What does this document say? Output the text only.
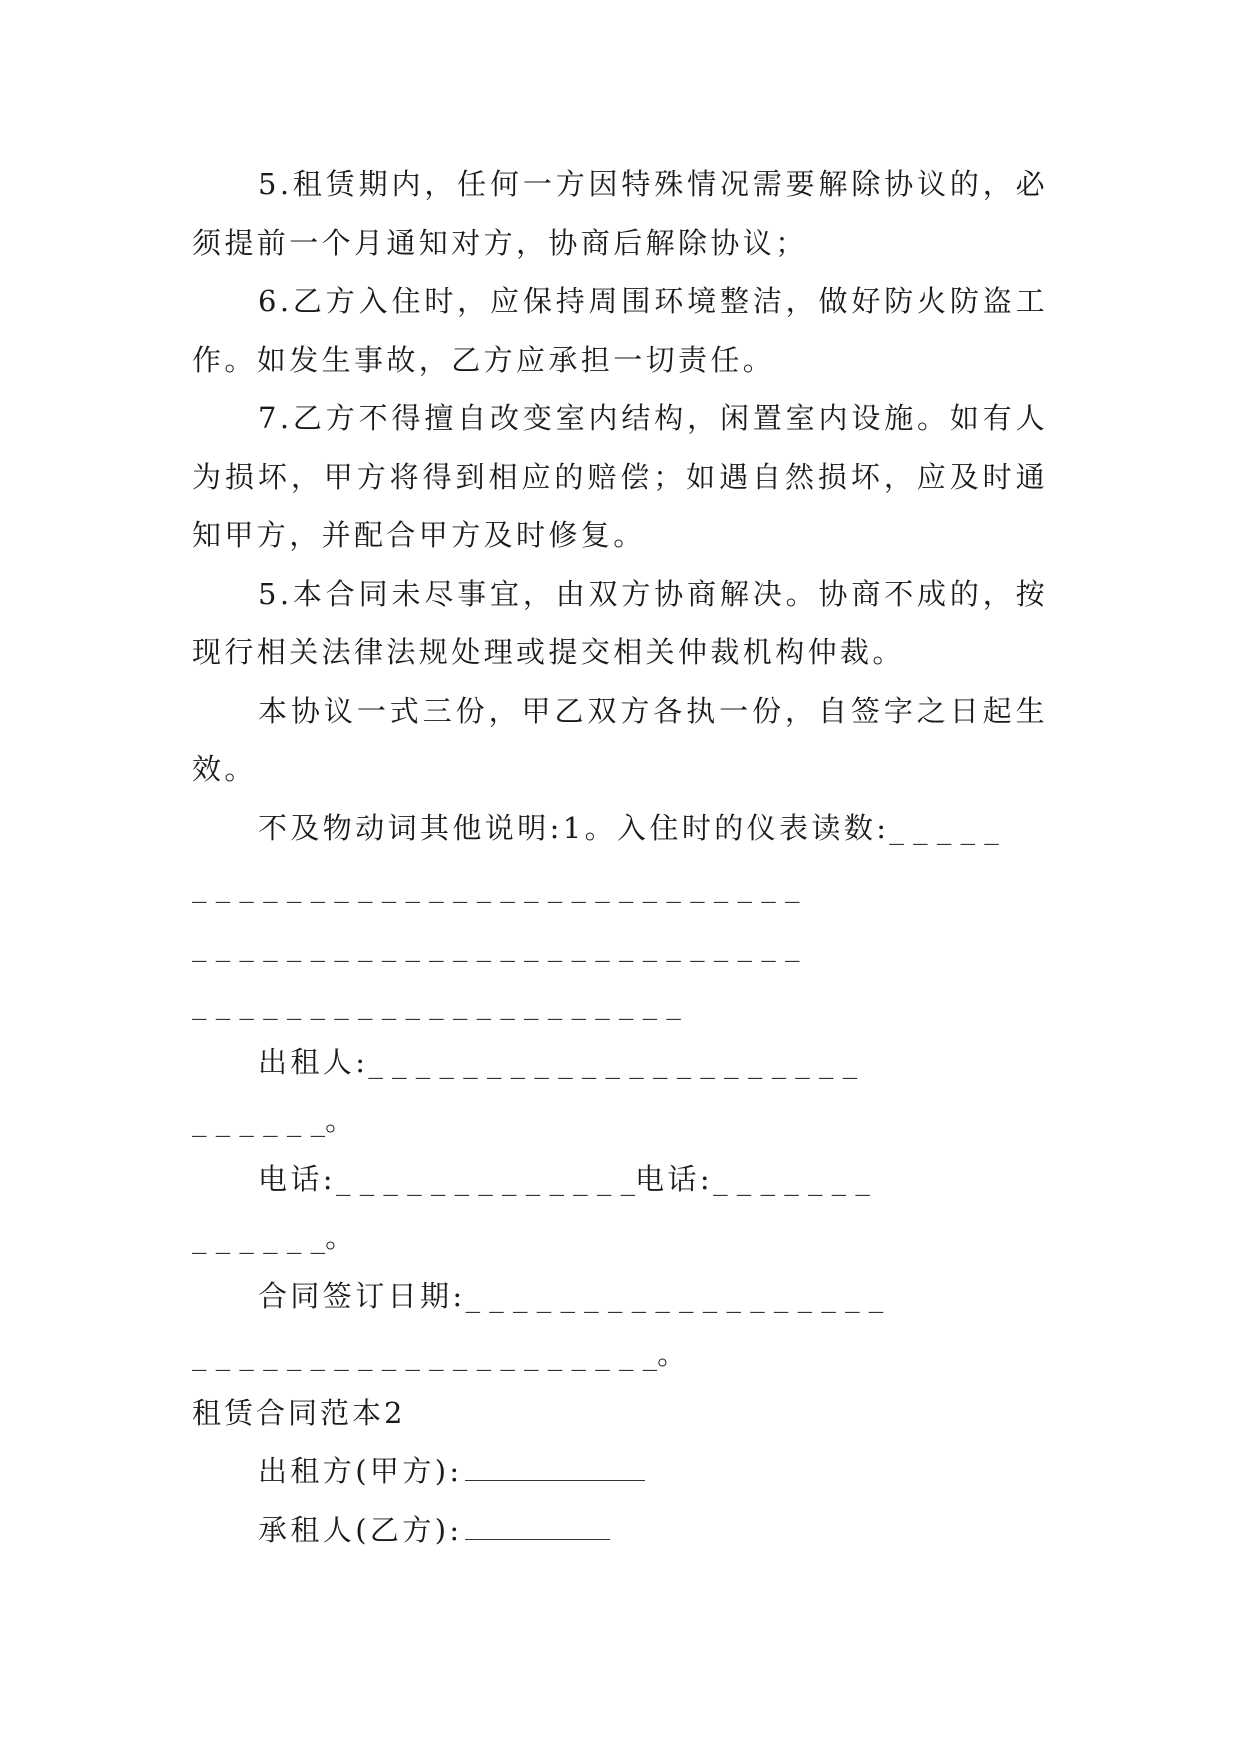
5.租赁期内，任何一方因特殊情况需要解除协议的，必
须提前一个月通知对方，协商后解除协议；
6.乙方入住时，应保持周围环境整洁，做好防火防盗工
作。如发生事故，乙方应承担一切责任。
7.乙方不得擅自改变室内结构，闲置室内设施。如有人
为损坏，甲方将得到相应的赔偿；如遇自然损坏，应及时通
知甲方，并配合甲方及时修复。
5.本合同未尽事宜，由双方协商解决。协商不成的，按
现行相关法律法规处理或提交相关仲裁机构仲裁。
本协议一式三份，甲乙双方各执一份，自签字之日起生
效。
不及物动词其他说明:1。入住时的仪表读数:_ _ _ _ _
_ _ _ _ _ _ _ _ _ _ _ _ _ _ _ _ _ _ _ _ _ _ _ _ _ _
_ _ _ _ _ _ _ _ _ _ _ _ _ _ _ _ _ _ _ _ _ _ _ _ _ _
_ _ _ _ _ _ _ _ _ _ _ _ _ _ _ _ _ _ _ _ _
出租人:_ _ _ _ _ _ _ _ _ _ _ _ _ _ _ _ _ _ _ _ _
_ _ _ _ _ _。
电话:_ _ _ _ _ _ _ _ _ _ _ _ _电话:_ _ _ _ _ _ _
_ _ _ _ _ _。
合同签订日期:_ _ _ _ _ _ _ _ _ _ _ _ _ _ _ _ _ _
_ _ _ _ _ _ _ _ _ _ _ _ _ _ _ _ _ _ _ _。
租赁合同范本2
出租方(甲方):
承租人(乙方):
